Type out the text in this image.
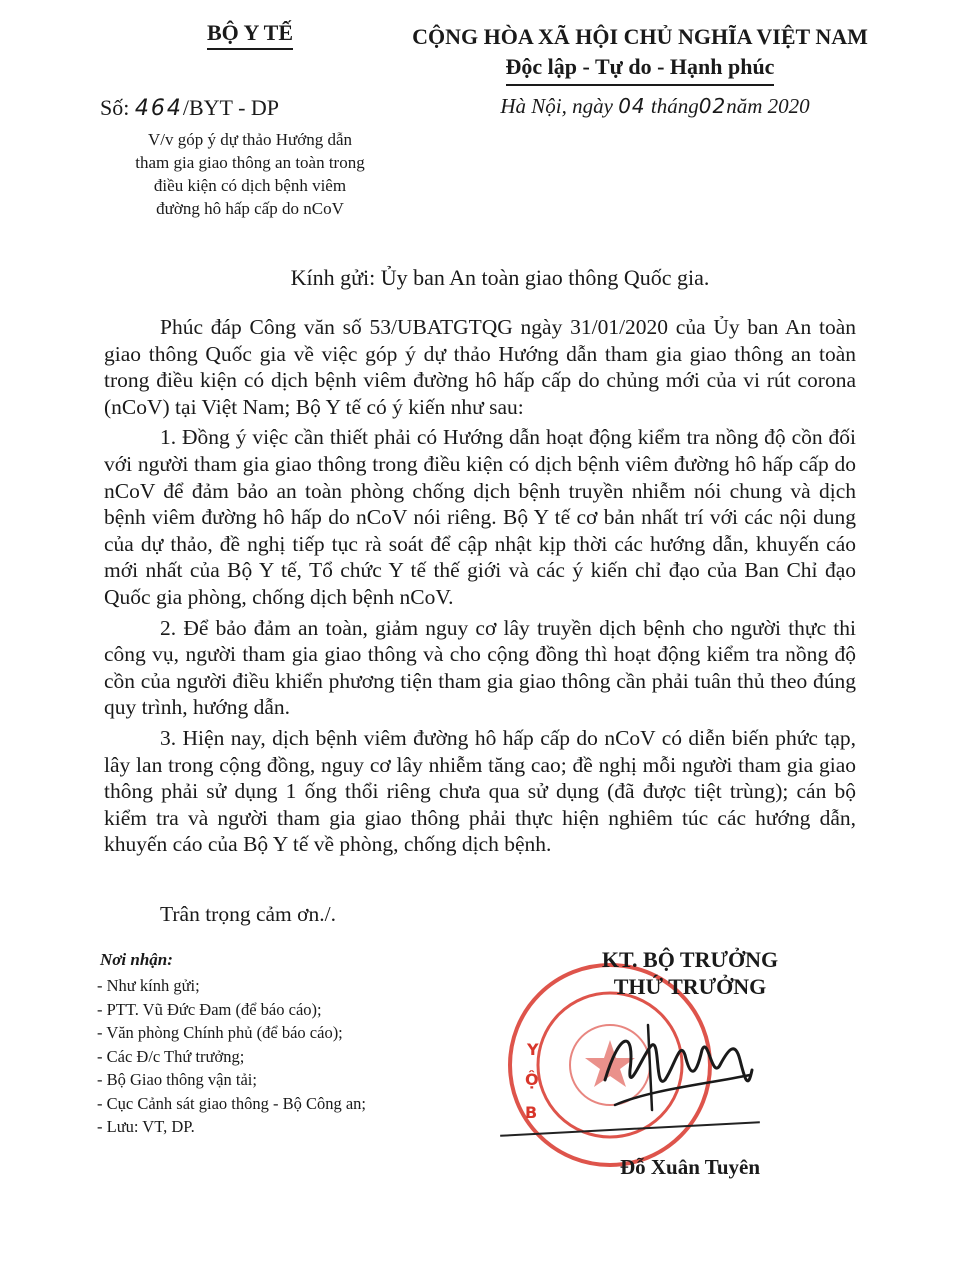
BỘ Y TẾ	CỘNG HÒA XÃ HỘI CHỦ NGHĨA VIỆT NAM
Độc lập - Tự do - Hạnh phúc
Số: 464/BYT - DP
V/v góp ý dự thảo Hướng dẫn
tham gia giao thông an toàn trong
điều kiện có dịch bệnh viêm
đường hô hấp cấp do nCoV
Hà Nội, ngày 04 tháng02năm 2020
Kính gửi: Ủy ban An toàn giao thông Quốc gia.

Phúc đáp Công văn số 53/UBATGTQG ngày 31/01/2020 của Ủy ban An toàn giao thông Quốc gia về việc góp ý dự thảo Hướng dẫn tham gia giao thông an toàn trong điều kiện có dịch bệnh viêm đường hô hấp cấp do chủng mới của vi rút corona (nCoV) tại Việt Nam; Bộ Y tế có ý kiến như sau:

1. Đồng ý việc cần thiết phải có Hướng dẫn hoạt động kiểm tra nồng độ cồn đối với người tham gia giao thông trong điều kiện có dịch bệnh viêm đường hô hấp cấp do nCoV để đảm bảo an toàn phòng chống dịch bệnh truyền nhiễm nói chung và dịch bệnh viêm đường hô hấp do nCoV nói riêng. Bộ Y tế cơ bản nhất trí với các nội dung của dự thảo, đề nghị tiếp tục rà soát để cập nhật kịp thời các hướng dẫn, khuyến cáo mới nhất của Bộ Y tế, Tổ chức Y tế thế giới và các ý kiến chỉ đạo của Ban Chỉ đạo Quốc gia phòng, chống dịch bệnh nCoV.

2. Để bảo đảm an toàn, giảm nguy cơ lây truyền dịch bệnh cho người thực thi công vụ, người tham gia giao thông và cho cộng đồng thì hoạt động kiểm tra nồng độ cồn của người điều khiển phương tiện tham gia giao thông cần phải tuân thủ theo đúng quy trình, hướng dẫn.

3. Hiện nay, dịch bệnh viêm đường hô hấp cấp do nCoV có diễn biến phức tạp, lây lan trong cộng đồng, nguy cơ lây nhiễm tăng cao; đề nghị mỗi người tham gia giao thông phải sử dụng 1 ống thổi riêng chưa qua sử dụng (đã được tiệt trùng); cán bộ kiểm tra và người tham gia giao thông phải thực hiện nghiêm túc các hướng dẫn, khuyến cáo của Bộ Y tế về phòng, chống dịch bệnh.

Trân trọng cảm ơn./.
Nơi nhận:
- Như kính gửi;
- PTT. Vũ Đức Đam (để báo cáo);
- Văn phòng Chính phủ (để báo cáo);
- Các Đ/c Thứ trưởng;
- Bộ Giao thông vận tải;
- Cục Cảnh sát giao thông - Bộ Công an;
- Lưu: VT, DP.
Y
Ộ
B
KT. BỘ TRƯỞNG
THỨ TRƯỞNG
Đỗ Xuân Tuyên
